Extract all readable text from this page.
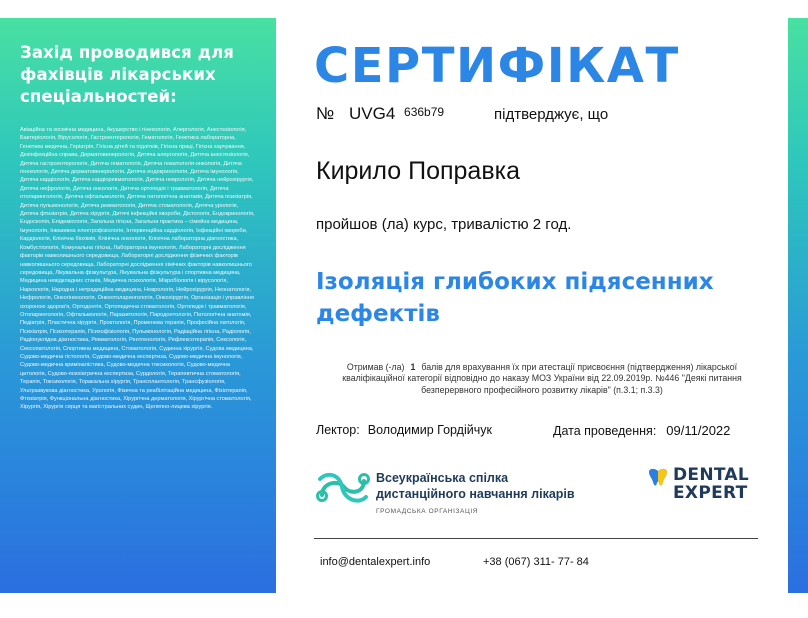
Захід проводився для фахівців лікарських спеціальностей:

Авіаційна та космічна медицина, Акушерство і гінекологія, Алергологія, Анестезіологія, Бактеріологія, Вірусологія, Гастроентерологія, Гематологія, Генетика лабораторна, Генетика медична, Геріатрія, Гігієна дітей та підлітків, Гігієна праці, Гігієна харчування, Дезінфекційна справа, Дерматовенерологія, Дитяча алергологія, Дитяча анестезіологія, Дитяча гастроентерологія, Дитяча гематологія, Дитяча гематологія-онкологія, Дитяча гінекологія, Дитяча дерматовенерологія, Дитяча ендокринологія, Дитяча імунологія, Дитяча кардіологія, Дитяча кардіоревматологія, Дитяча неврологія, Дитяча нейрохірургія, Дитяча нефрологія, Дитяча онкологія, Дитяча ортопедія і травматологія, Дитяча отоларингологія, Дитяча офтальмологія, Дитяча патологічна анатомія, Дитяча психіатрія, Дитяча пульмонологія, Дитяча ревматологія, Дитяча стоматологія, Дитяча урологія, Дитяча фтизіатрія, Дитяча хірургія, Дитячі інфекційні хвороби, Дієтологія, Ендокринологія, Ендоскопія, Епідеміологія, Загальна гігієна, Загальна практика – сімейна медицина, Імунологія, Інвазивна електрофізіологія, Інтервенційна кардіологія, Інфекційні хвороби, Кардіологія, Клінічна біохімія, Клінічна онкологія, Клінічна лабораторна діагностика, Комбустіологія, Комунальна гігієна, Лабораторна імунологія, Лабораторні дослідження факторів навколишнього середовища, Лабораторні дослідження фізичних факторів навколишнього середовища, Лабораторні дослідження хімічних факторів навколишнього середовища, Лікувальна фізкультура, Лікувальна фізкультура і спортивна медицина, Медицина невідкладних станів, Медична психологія, Мікробіологія і вірусологія, Наркологія, Народна і нетрадиційна медицина, Неврологія, Нейрохірургія, Неонатологія, Нефрологія, Онкогінекологія, Онкоотоларингологія, Онкохірургія, Організація і управління охороною здоров'я, Ортодонтія, Ортопедична стоматологія, Ортопедія і травматологія, Отоларингологія, Офтальмологія, Паразитологія, Пародонтологія, Патологічна анатомія, Педіатрія, Пластична хірургія, Проктологія, Променева терапія, Професійна патологія, Психіатрія, Психотерапія, Психофізіологія, Пульмонологія, Радіаційна гігієна, Радіологія, Радіонуклідна діагностика, Ревматологія, Рентгенологія, Рефлексотерапія, Сексологія, Сексопатологія, Спортивна медицина, Стоматологія, Судинна хірургія, Судова медицина, Судово-медична гістологія, Судово-медична експертиза, Судово-медична імунологія, Судово-медична криміналістика, Судово-медична токсикологія, Судово-медична цитологія, Судово-психіатрична експертиза, Сурдологія, Терапевтична стоматологія, Терапія, Токсикологія, Торакальна хірургія, Трансплантологія, Трансфузіологія, Ультразвукова діагностика, Урологія, Фізична та реабілітаційна медицина, Фізіотерапія, Фтизіатрія, Функціональна діагностика, Хірургічна дерматологія, Хірургічна стоматологія, Хірургія, Хірургія серця та магістральних судин, Щелепно-лицева хірургія.

СЕРТИФІКАТ
№ UVG4 636b79	підтверджує, що
Кирило Поправка
пройшов (ла) курс, тривалістю 2 год.
Ізоляція глибоких підясенних дефектів

Отримав (-ла) 1 балів для врахування їх при атестації присвоєння (підтвердження) лікарської кваліфікаційної категорії відповідно до наказу МОЗ України від 22.09.2019р. №446 "Деякі питання безперервного професійного розвитку лікарів" (п.3.1; п.3.3)

Лектор: Володимир Гордійчук	Дата проведення: 09/11/2022

Всеукраїнська спілка

дистанційного навчання лікарів

ГРОМАДСЬКА ОРГАНІЗАЦІЯ
DENTAL
EXPERT
info@dentalexpert.info	+38 (067) 311- 77- 84
